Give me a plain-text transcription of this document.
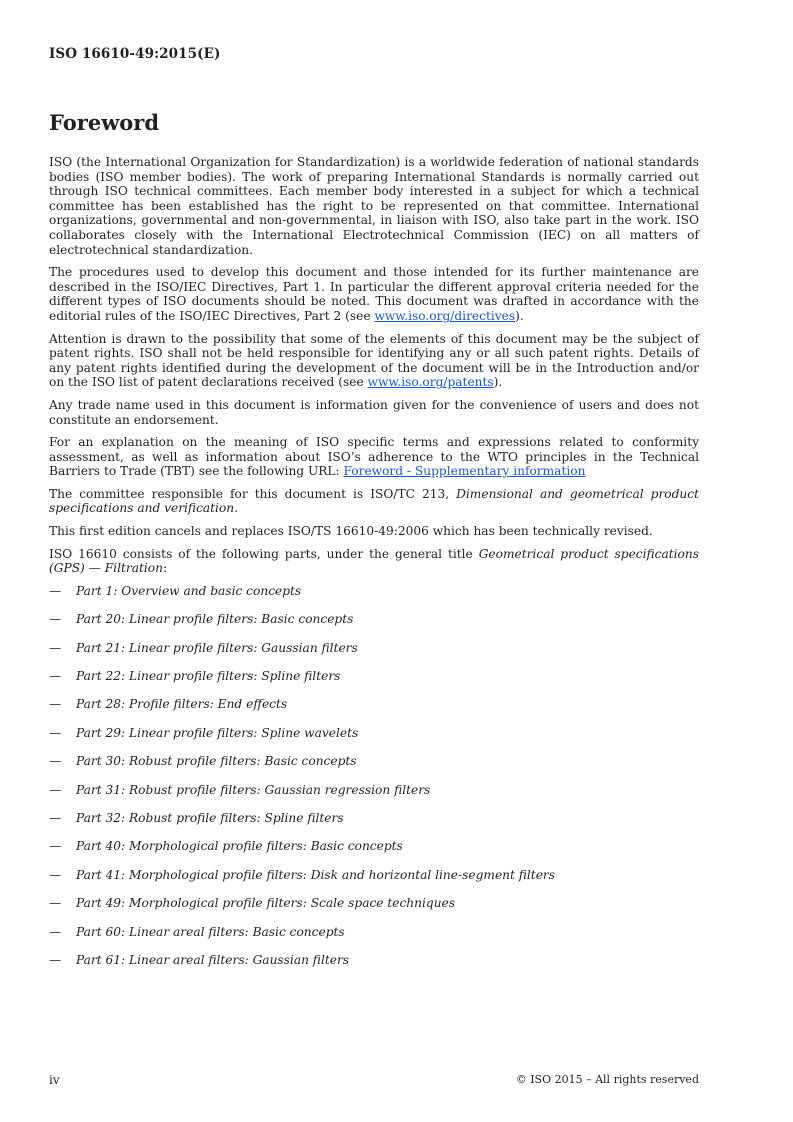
ISO 16610-49:2015(E)
Foreword

ISO (the International Organization for Standardization) is a worldwide federation of national standards bodies (ISO member bodies). The work of preparing International Standards is normally carried out through ISO technical committees. Each member body interested in a subject for which a technical committee has been established has the right to be represented on that committee. International organizations, governmental and non-governmental, in liaison with ISO, also take part in the work. ISO collaborates closely with the International Electrotechnical Commission (IEC) on all matters of electrotechnical standardization.

The procedures used to develop this document and those intended for its further maintenance are described in the ISO/IEC Directives, Part 1. In particular the different approval criteria needed for the different types of ISO documents should be noted. This document was drafted in accordance with the editorial rules of the ISO/IEC Directives, Part 2 (see www.iso.org/directives).

Attention is drawn to the possibility that some of the elements of this document may be the subject of patent rights. ISO shall not be held responsible for identifying any or all such patent rights. Details of any patent rights identified during the development of the document will be in the Introduction and/or on the ISO list of patent declarations received (see www.iso.org/patents).

Any trade name used in this document is information given for the convenience of users and does not constitute an endorsement.

For an explanation on the meaning of ISO specific terms and expressions related to conformity assessment, as well as information about ISO’s adherence to the WTO principles in the Technical Barriers to Trade (TBT) see the following URL: Foreword - Supplementary information

The committee responsible for this document is ISO/TC 213, Dimensional and geometrical product specifications and verification.

This first edition cancels and replaces ISO/TS 16610-49:2006 which has been technically revised.

ISO 16610 consists of the following parts, under the general title Geometrical product specifications (GPS) — Filtration:

—	Part 1: Overview and basic concepts
—	Part 20: Linear profile filters: Basic concepts
—	Part 21: Linear profile filters: Gaussian filters
—	Part 22: Linear profile filters: Spline filters
—	Part 28: Profile filters: End effects
—	Part 29: Linear profile filters: Spline wavelets
—	Part 30: Robust profile filters: Basic concepts
—	Part 31: Robust profile filters: Gaussian regression filters
—	Part 32: Robust profile filters: Spline filters
—	Part 40: Morphological profile filters: Basic concepts
—	Part 41: Morphological profile filters: Disk and horizontal line-segment filters
—	Part 49: Morphological profile filters: Scale space techniques
—	Part 60: Linear areal filters: Basic concepts
—	Part 61: Linear areal filters: Gaussian filters
iv	© ISO 2015 – All rights reserved
